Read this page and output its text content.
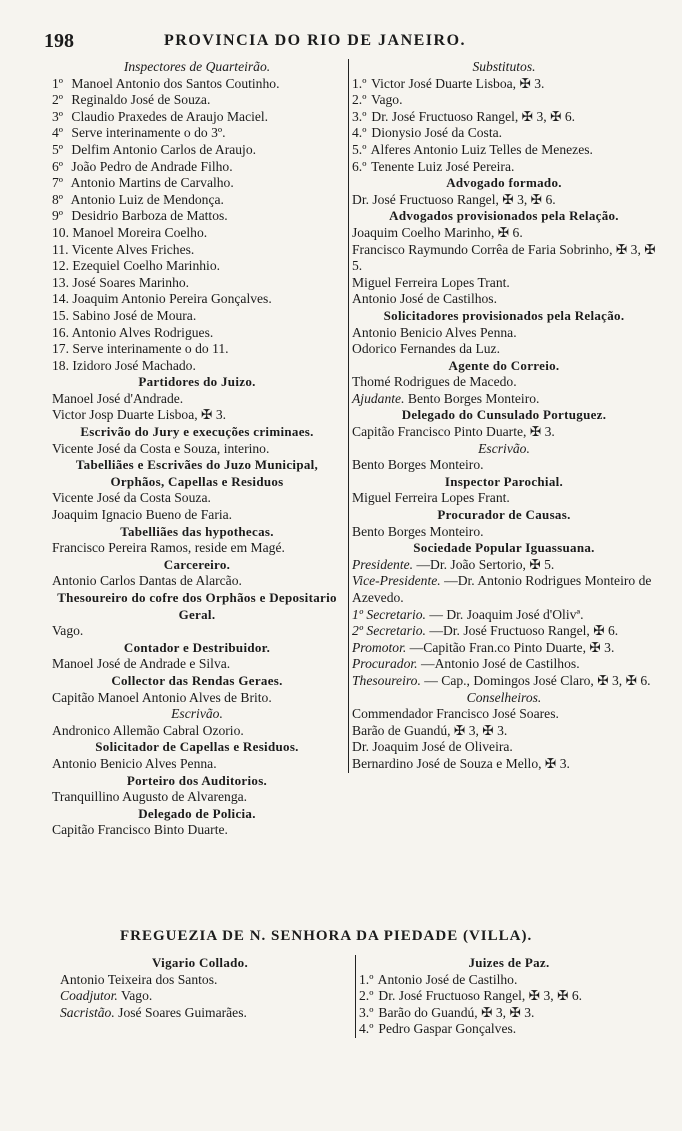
198	PROVINCIA DO RIO DE JANEIRO.
Inspectores de Quarteirão.
1º Manoel Antonio dos Santos Coutinho.
2º Reginaldo José de Souza.
3º Claudio Praxedes de Araujo Maciel.
4º Serve interinamente o do 3º.
5º Delfim Antonio Carlos de Araujo.
6º João Pedro de Andrade Filho.
7º Antonio Martins de Carvalho.
8º Antonio Luiz de Mendonça.
9º Desidrio Barboza de Mattos.
10. Manoel Moreira Coelho.
11. Vicente Alves Friches.
12. Ezequiel Coelho Marinhio.
13. José Soares Marinho.
14. Joaquim Antonio Pereira Gonçalves.
15. Sabino José de Moura.
16. Antonio Alves Rodrigues.
17. Serve interinamente o do 11.
18. Izidoro José Machado.
Partidores do Juizo.
Manoel José d'Andrade.
Victor Josp Duarte Lisboa, ✠ 3.
Escrivão do Jury e execuções criminaes.
Vicente José da Costa e Souza, interino.
Tabelliães e Escrivães do Juzo Municipal, Orphãos, Capellas e Residuos
Vicente José da Costa Souza.
Joaquim Ignacio Bueno de Faria.
Tabelliães das hypothecas.
Francisco Pereira Ramos, reside em Magé.
Carcereiro.
Antonio Carlos Dantas de Alarcão.
Thesoureiro do cofre dos Orphãos e Depositario Geral.
Vago.
Contador e Destribuidor.
Manoel José de Andrade e Silva.
Collector das Rendas Geraes.
Capitão Manoel Antonio Alves de Brito.
Escrivão.
Andronico Allemão Cabral Ozorio.
Solicitador de Capellas e Residuos.
Antonio Benicio Alves Penna.
Porteiro dos Auditorios.
Tranquillino Augusto de Alvarenga.
Delegado de Policia.
Capitão Francisco Binto Duarte.
Substitutos.
1.º Victor José Duarte Lisboa, ✠ 3.
2.º Vago.
3.º Dr. José Fructuoso Rangel, ✠ 3, ✠ 6.
4.º Dionysio José da Costa.
5.º Alferes Antonio Luiz Telles de Menezes.
6.º Tenente Luiz José Pereira.
Advogado formado.
Dr. José Fructuoso Rangel, ✠ 3, ✠ 6.
Advogados provisionados pela Relação.
Joaquim Coelho Marinho, ✠ 6.
Francisco Raymundo Corrêa de Faria Sobrinho, ✠ 3, ✠ 5.
Miguel Ferreira Lopes Trant.
Antonio José de Castilhos.
Solicitadores provisionados pela Relação.
Antonio Benicio Alves Penna.
Odorico Fernandes da Luz.
Agente do Correio.
Thomé Rodrigues de Macedo.
Ajudante. Bento Borges Monteiro.
Delegado do Cunsulado Portuguez.
Capitão Francisco Pinto Duarte, ✠ 3.
Escrivão.
Bento Borges Monteiro.
Inspector Parochial.
Miguel Ferreira Lopes Frant.
Procurador de Causas.
Bento Borges Monteiro.
Sociedade Popular Iguassuana.
Presidente. —Dr. João Sertorio, ✠ 5.
Vice-Presidente. —Dr. Antonio Rodrigues Monteiro de Azevedo.
1º Secretario. — Dr. Joaquim José d'Olivª.
2º Secretario. —Dr. José Fructuoso Rangel, ✠ 6.
Promotor. —Capitão Fran.co Pinto Duarte, ✠ 3.
Procurador. —Antonio José de Castilhos.
Thesoureiro. — Cap., Domingos José Claro, ✠ 3, ✠ 6.
Conselheiros.
Commendador Francisco José Soares.
Barão de Guandú, ✠ 3, ✠ 3.
Dr. Joaquim José de Oliveira.
Bernardino José de Souza e Mello, ✠ 3.
FREGUEZIA DE N. SENHORA DA PIEDADE (VILLA).
Vigario Collado.
Antonio Teixeira dos Santos.
Coadjutor. Vago.
Sacristão. José Soares Guimarães.
Juizes de Paz.
1.º Antonio José de Castilho.
2.º Dr. José Fructuoso Rangel, ✠ 3, ✠ 6.
3.º Barão do Guandú, ✠ 3, ✠ 3.
4.º Pedro Gaspar Gonçalves.
